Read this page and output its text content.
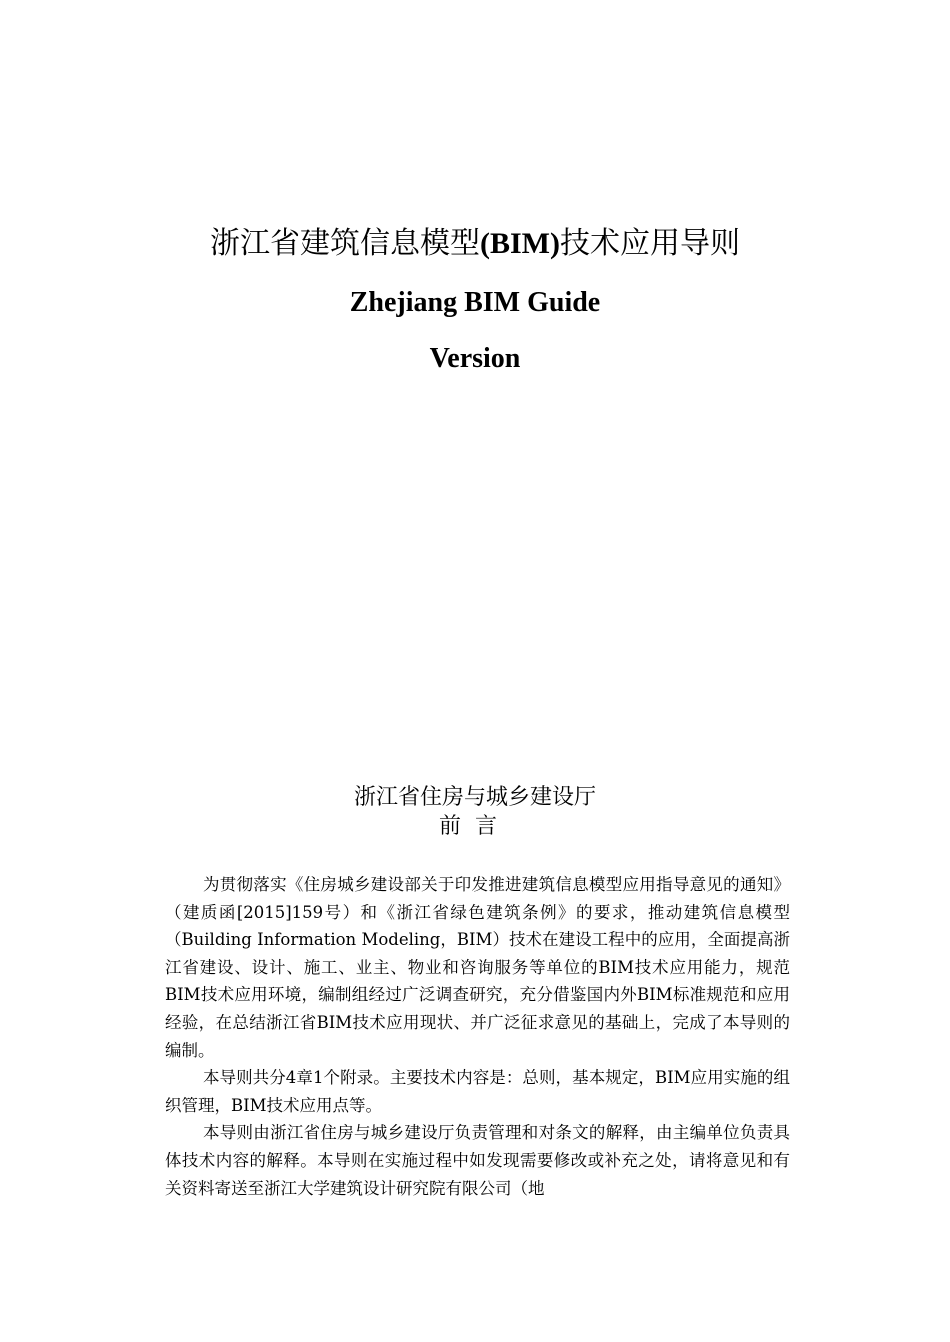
浙江省建筑信息模型(BIM)技术应用导则
Zhejiang BIM Guide
Version
浙江省住房与城乡建设厅
前言

为贯彻落实《住房城乡建设部关于印发推进建筑信息模型应用指导意见的通知》（建质函[2015]159号）和《浙江省绿色建筑条例》的要求，推动建筑信息模型（Building Information Modeling，BIM）技术在建设工程中的应用，全面提高浙江省建设、设计、施工、业主、物业和咨询服务等单位的BIM技术应用能力，规范BIM技术应用环境，编制组经过广泛调查研究，充分借鉴国内外BIM标准规范和应用经验，在总结浙江省BIM技术应用现状、并广泛征求意见的基础上，完成了本导则的编制。

本导则共分4章1个附录。主要技术内容是：总则，基本规定，BIM应用实施的组织管理，BIM技术应用点等。

本导则由浙江省住房与城乡建设厅负责管理和对条文的解释，由主编单位负责具体技术内容的解释。本导则在实施过程中如发现需要修改或补充之处，请将意见和有关资料寄送至浙江大学建筑设计研究院有限公司（地
